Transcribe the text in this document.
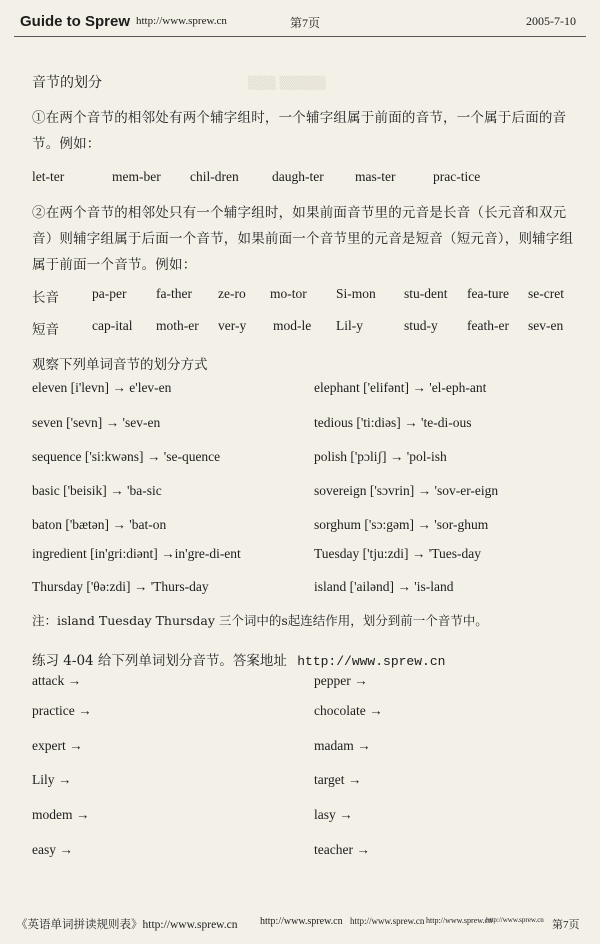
▒▒▒ ▒▒▒▒▒
Guide to Sprew http://www.sprew.cn	第7页	2005-7-10
音节的划分
①在两个音节的相邻处有两个辅字组时，一个辅字组属于前面的音节，一个属于后面的音节。例如：
let-ter	mem-ber chil-dren daugh-ter mas-ter	prac-tice
②在两个音节的相邻处只有一个辅字组时，如果前面音节里的元音是长音（长元音和双元音）则辅字组属于后面一个音节，如果前面一个音节里的元音是短音（短元音），则辅字组属于前面一个音节。例如：
长音 pa-per fa-ther ze-ro mo-tor Si-mon stu-dent fea-ture se-cret
短音 cap-ital moth-er ver-y mod-le Lil-y	stud-y feath-er sev-en
观察下列单词音节的划分方式
eleven [i'levn] → e'lev-en	elephant ['elifənt] → 'el-eph-ant
seven ['sevn] → 'sev-en	tedious ['ti:diəs] → 'te-di-ous
sequence ['si:kwəns] → 'se-quence	polish ['pɔliʃ] → 'pol-ish
basic ['beisik] → 'ba-sic	sovereign ['sɔvrin] → 'sov-er-eign
baton ['bætən] → 'bat-on	sorghum ['sɔ:gəm] → 'sor-ghum
ingredient [in'gri:diənt] →in'gre-di-ent	Tuesday ['tju:zdi] → 'Tues-day
Thursday ['θə:zdi] → 'Thurs-day	island ['ailənd] → 'is-land
注：island Tuesday Thursday 三个词中的s起连结作用，划分到前一个音节中。
练习 4-04 给下列单词划分音节。答案地址 http://www.sprew.cn
attack →	pepper →
practice →	chocolate →
expert →	madam →
Lily →	target →
modem →	lasy →
easy →	teacher →
《英语单词拼读规则表》http://www.sprew.cn http://www.sprew.cn http://www.sprew.cn http://www.sprew.cn
http://www.sprew.cn 第7页
